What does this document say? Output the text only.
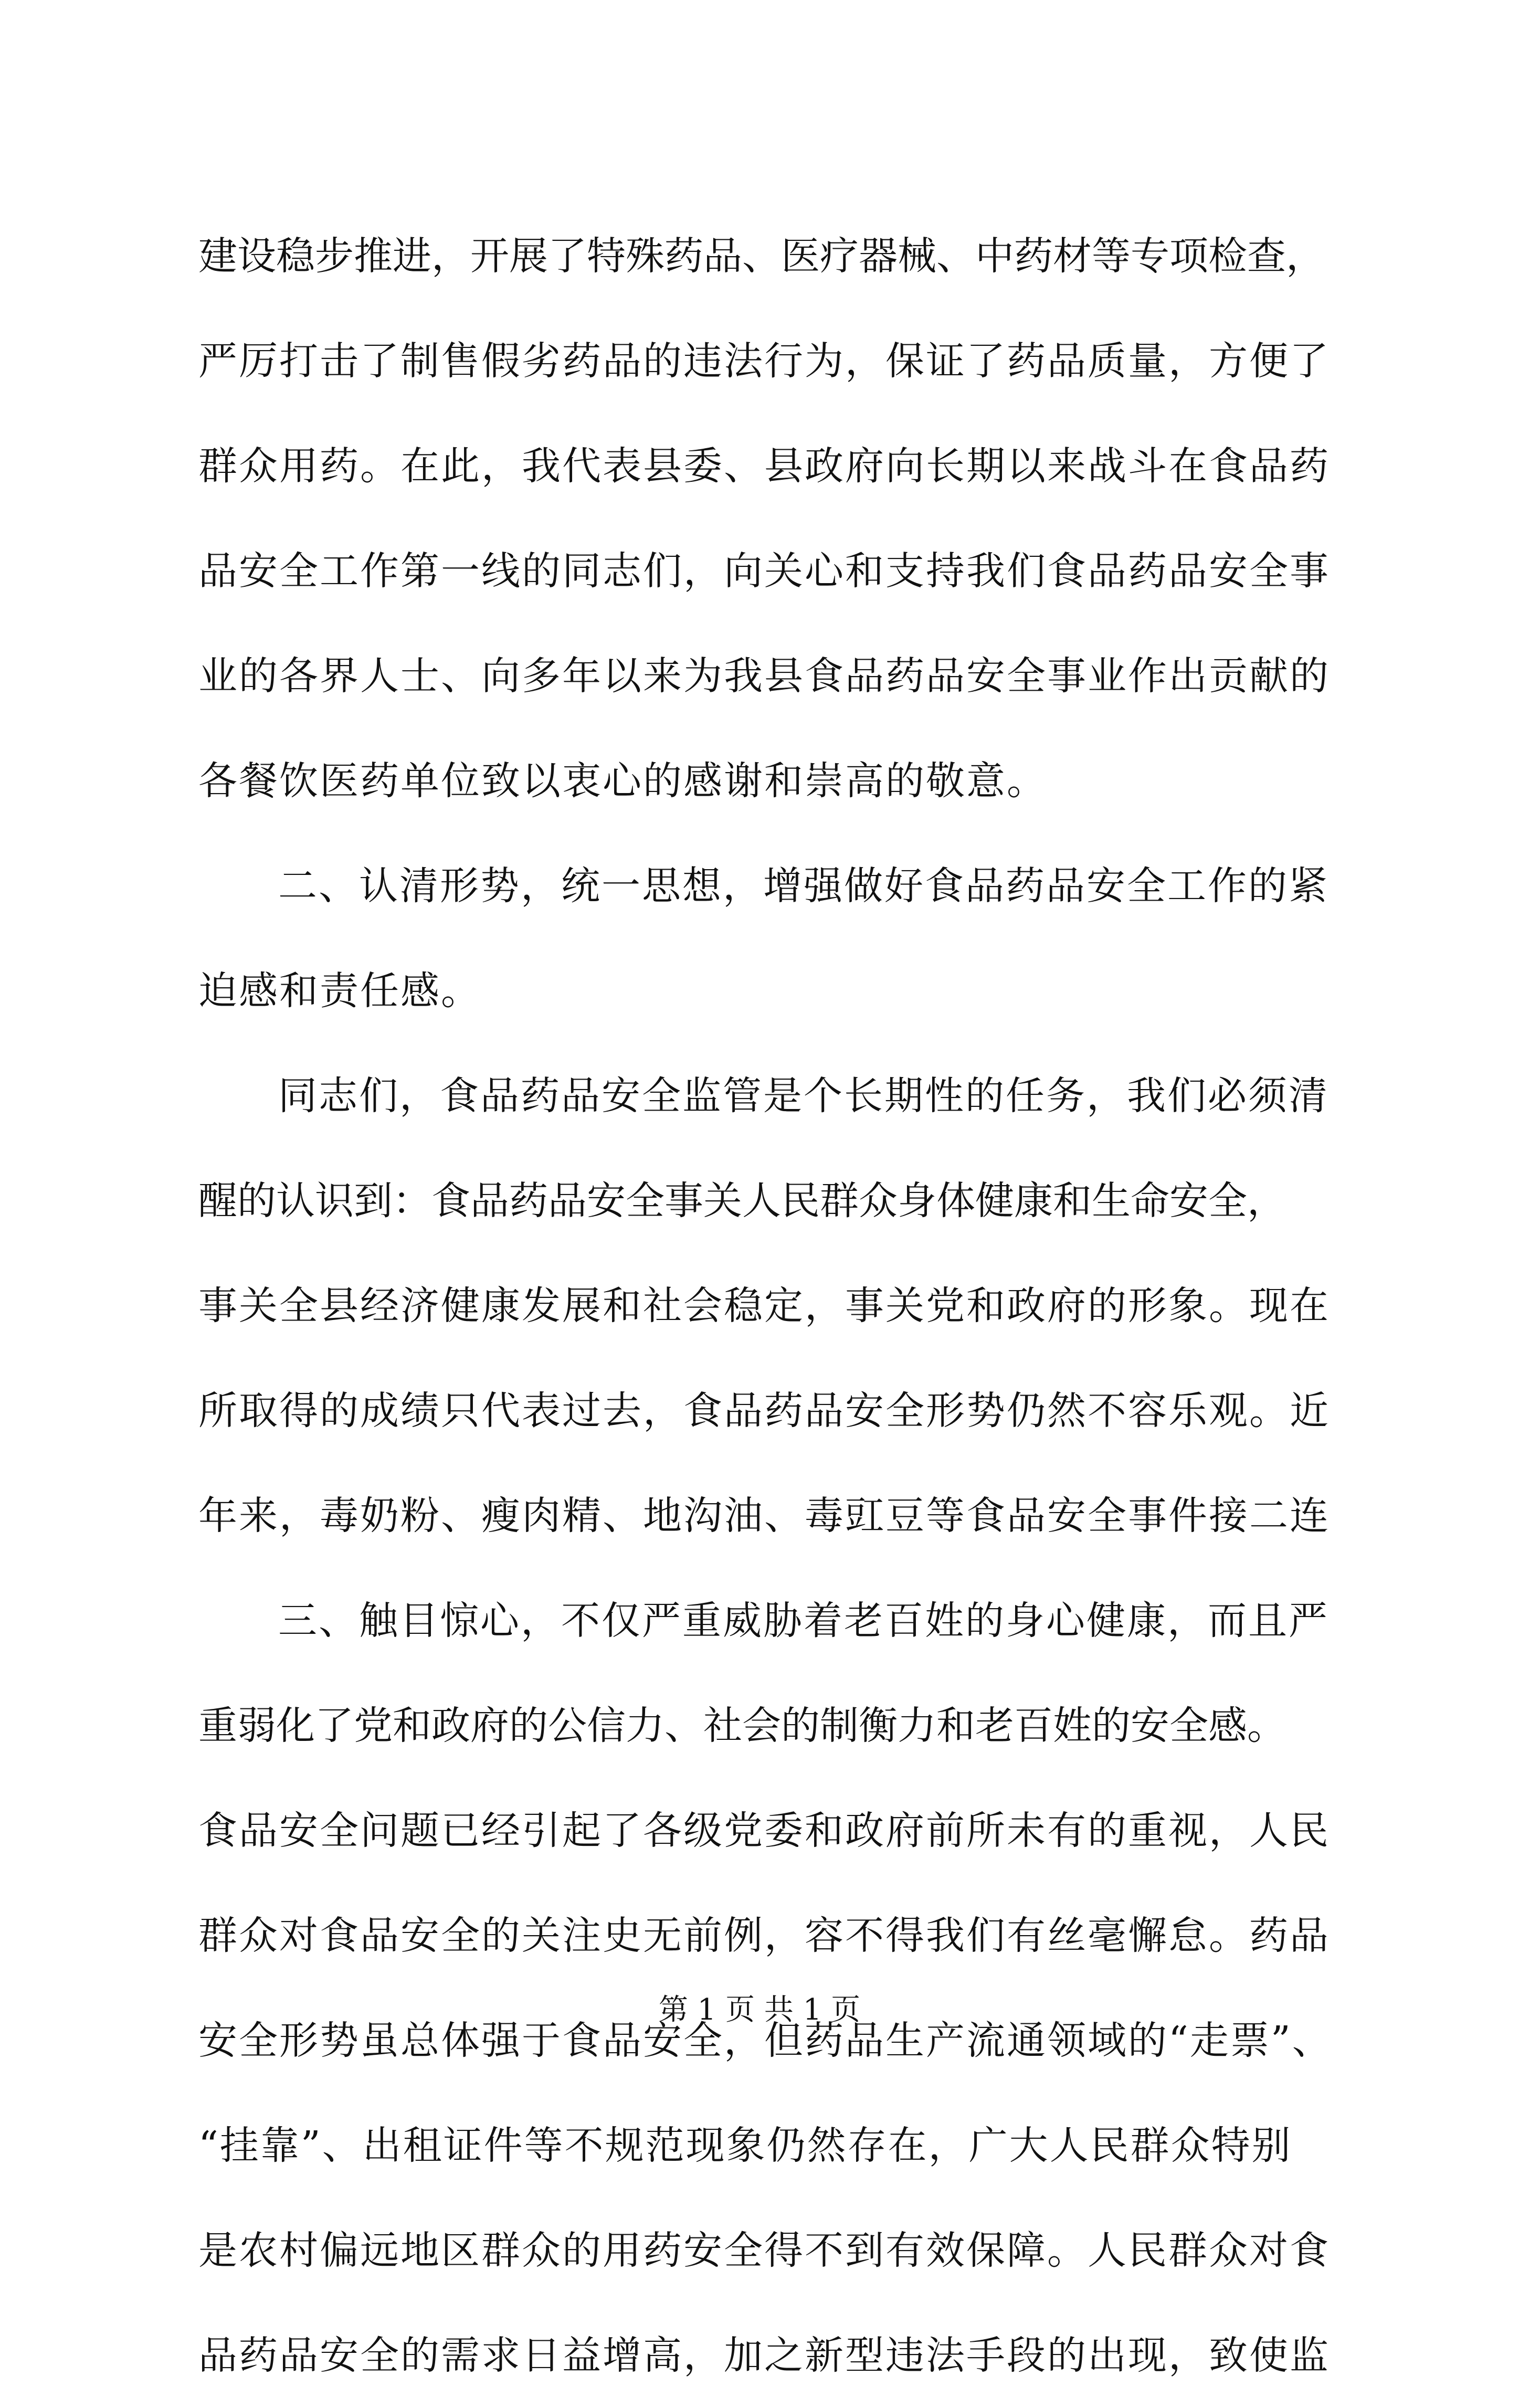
建设稳步推进，开展了特殊药品、医疗器械、中药材等专项检查，
严厉打击了制售假劣药品的违法行为，保证了药品质量，方便了
群众用药。在此，我代表县委、县政府向长期以来战斗在食品药
品安全工作第一线的同志们，向关心和支持我们食品药品安全事
业的各界人士、向多年以来为我县食品药品安全事业作出贡献的
各餐饮医药单位致以衷心的感谢和崇高的敬意。
二、认清形势，统一思想，增强做好食品药品安全工作的紧
迫感和责任感。
同志们，食品药品安全监管是个长期性的任务，我们必须清
醒的认识到：食品药品安全事关人民群众身体健康和生命安全，
事关全县经济健康发展和社会稳定，事关党和政府的形象。现在
所取得的成绩只代表过去，食品药品安全形势仍然不容乐观。近
年来，毒奶粉、瘦肉精、地沟油、毒豇豆等食品安全事件接二连
三、触目惊心，不仅严重威胁着老百姓的身心健康，而且严
重弱化了党和政府的公信力、社会的制衡力和老百姓的安全感。
食品安全问题已经引起了各级党委和政府前所未有的重视，人民
群众对食品安全的关注史无前例，容不得我们有丝毫懈怠。药品
安全形势虽总体强于食品安全，但药品生产流通领域的“走票”、
“挂靠”、出租证件等不规范现象仍然存在，广大人民群众特别
是农村偏远地区群众的用药安全得不到有效保障。人民群众对食
品药品安全的需求日益增高，加之新型违法手段的出现，致使监
第 1 页 共 1 页
